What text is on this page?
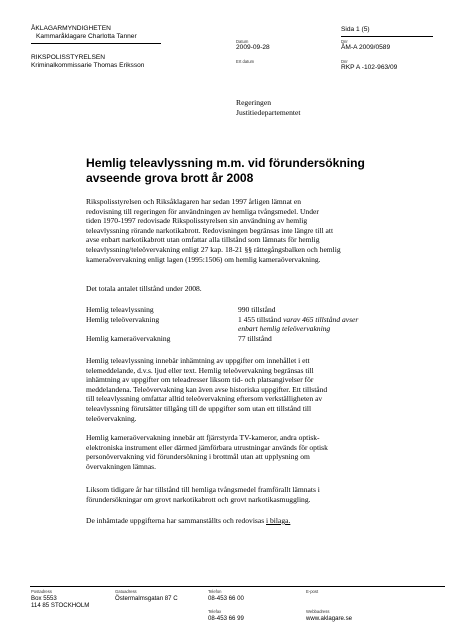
ÅKLAGARMYNDIGHETEN
Kammaråklagare Charlotta Tanner
RIKSPOLISSTYRELSEN
Kriminalkommissarie Thomas Eriksson
Datum
2009-09-28
Ert datum
Sida 1 (5)
Dnr
ÅM-A 2009/0589
Dnr
RKP A -102-963/09
Regeringen
Justitiedepartementet
Hemlig teleavlyssning m.m. vid förundersökning
avseende grova brott år 2008

Rikspolisstyrelsen och Riksåklagaren har sedan 1997 årligen lämnat en

redovisning till regeringen för användningen av hemliga tvångsmedel. Under

tiden 1970-1997 redovisade Rikspolisstyrelsen sin användning av hemlig

teleavlyssning rörande narkotikabrott. Redovisningen begränsas inte längre till att

avse enbart narkotikabrott utan omfattar alla tillstånd som lämnats för hemlig

teleavlyssning/teleövervakning enligt 27 kap. 18-21 §§ rättegångsbalken och hemlig

kameraövervakning enligt lagen (1995:1506) om hemlig kameraövervakning.

Det totala antalet tillstånd under 2008.

Hemlig teleavlyssning	990 tillstånd
Hemlig teleövervakning	1 455 tillstånd varav 465 tillstånd avser
enbart hemlig teleövervakning
Hemlig kameraövervakning	77 tillstånd

Hemlig teleavlyssning innebär inhämtning av uppgifter om innehållet i ett

telemeddelande, d.v.s. ljud eller text. Hemlig teleövervakning begränsas till

inhämtning av uppgifter om teleadresser liksom tid- och platsangivelser för

meddelandena. Teleövervakning kan även avse historiska uppgifter. Ett tillstånd

till teleavlyssning omfattar alltid teleövervakning eftersom verkställigheten av

teleavlyssning förutsätter tillgång till de uppgifter som utan ett tillstånd till

teleövervakning.

Hemlig kameraövervakning innebär att fjärrstyrda TV-kameror, andra optisk-

elektroniska instrument eller därmed jämförbara utrustningar används för optisk

personövervakning vid förundersökning i brottmål utan att upplysning om

övervakningen lämnas.

Liksom tidigare år har tillstånd till hemliga tvångsmedel framförallt lämnats i

förundersökningar om grovt narkotikabrott och grovt narkotikasmuggling.

De inhämtade uppgifterna har sammanställts och redovisas i bilaga.

Postadress
Box 5553
114 85 STOCKHOLM
Gatuadress
Östermalmsgatan 87 C
Telefon
08-453 66 00
Telefax
08-453 66 99
E-post
Webbadress
www.aklagare.se
